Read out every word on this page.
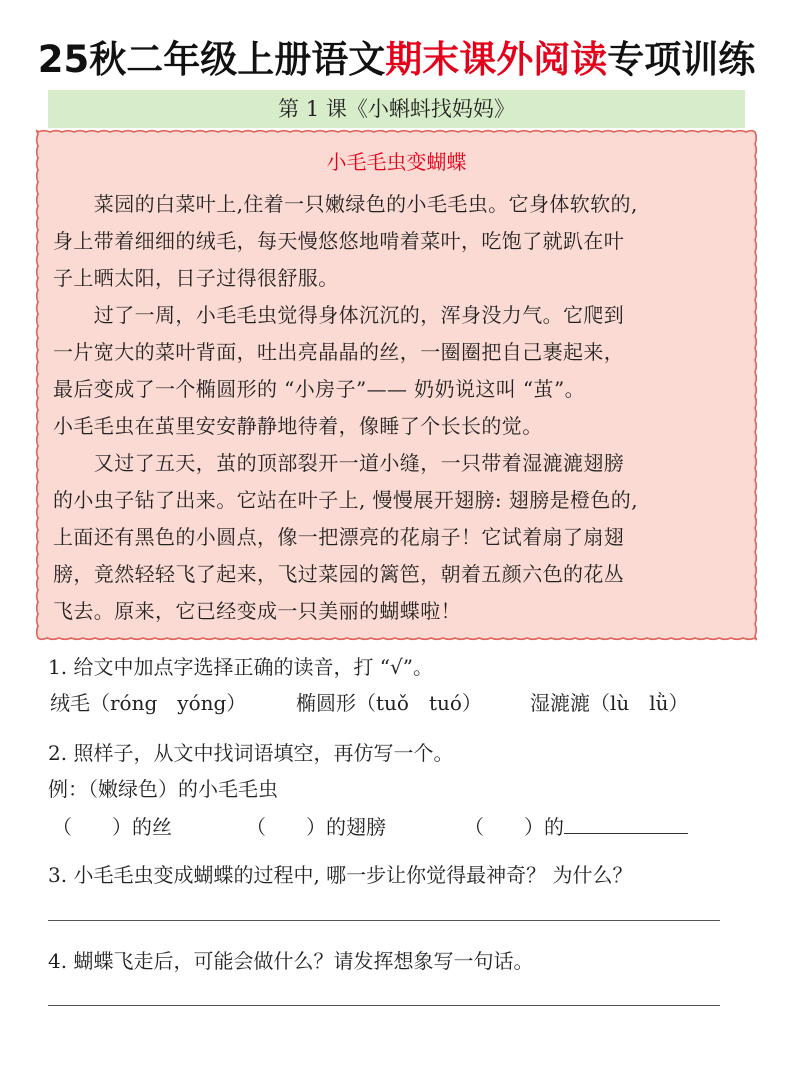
25秋二年级上册语文期末课外阅读专项训练
第 1 课《小蝌蚪找妈妈》
小毛毛虫变蝴蝶
　　菜园的白菜叶上,住着一只嫩绿色的小毛毛虫。它身体软软的,
身上带着细细的绒毛，每天慢悠悠地啃着菜叶，吃饱了就趴在叶
子上晒太阳，日子过得很舒服。
　　过了一周，小毛毛虫觉得身体沉沉的，浑身没力气。它爬到
一片宽大的菜叶背面，吐出亮晶晶的丝，一圈圈把自己裹起来，
最后变成了一个椭圆形的 “小房子”—— 奶奶说这叫 “茧”。
小毛毛虫在茧里安安静静地待着，像睡了个长长的觉。
　　又过了五天，茧的顶部裂开一道小缝，一只带着湿漉漉翅膀
的小虫子钻了出来。它站在叶子上, 慢慢展开翅膀: 翅膀是橙色的,
上面还有黑色的小圆点，像一把漂亮的花扇子！它试着扇了扇翅
膀，竟然轻轻飞了起来，飞过菜园的篱笆，朝着五颜六色的花丛
飞去。原来，它已经变成一只美丽的蝴蝶啦！
1. 给文中加点字选择正确的读音，打 “√”。
绒毛（róng　yóng） 椭圆形（tuǒ　tuó） 湿漉漉（lù　lǜ）
2. 照样子，从文中找词语填空，再仿写一个。
例：（嫩绿色）的小毛毛虫
（　　）的丝	（　　）的翅膀	（　　）的
3. 小毛毛虫变成蝴蝶的过程中, 哪一步让你觉得最神奇？ 为什么？
4. 蝴蝶飞走后，可能会做什么？请发挥想象写一句话。
